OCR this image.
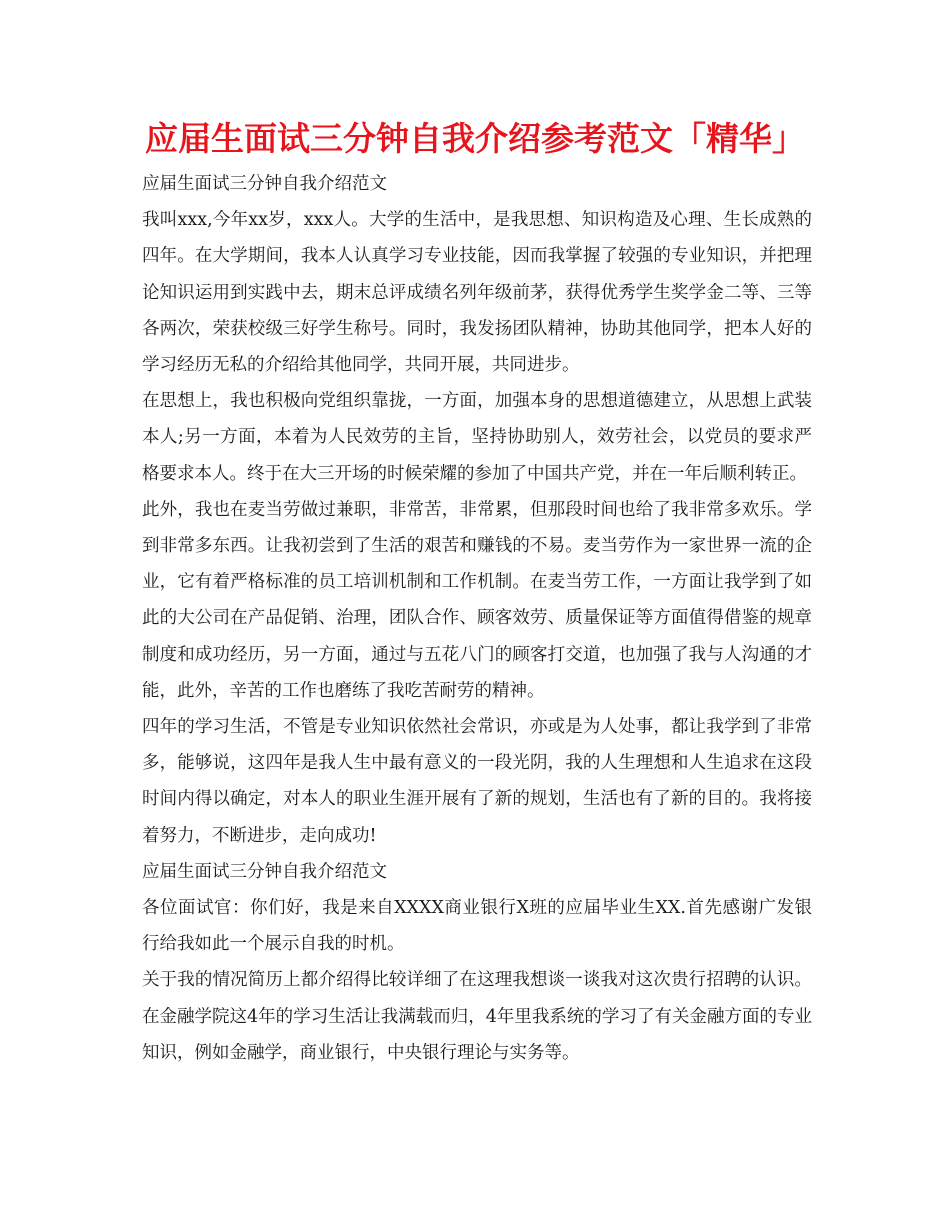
应届生面试三分钟自我介绍参考范文「精华」

应届生面试三分钟自我介绍范文

我叫xxx,今年xx岁，xxx人。大学的生活中，是我思想、知识构造及心理、生长成熟的四年。在大学期间，我本人认真学习专业技能，因而我掌握了较强的专业知识，并把理论知识运用到实践中去，期末总评成绩名列年级前茅，获得优秀学生奖学金二等、三等各两次，荣获校级三好学生称号。同时，我发扬团队精神，协助其他同学，把本人好的学习经历无私的介绍给其他同学，共同开展，共同进步。

在思想上，我也积极向党组织靠拢，一方面，加强本身的思想道德建立，从思想上武装本人;另一方面，本着为人民效劳的主旨，坚持协助别人，效劳社会，以党员的要求严格要求本人。终于在大三开场的时候荣耀的参加了中国共产党，并在一年后顺利转正。

此外，我也在麦当劳做过兼职，非常苦，非常累，但那段时间也给了我非常多欢乐。学到非常多东西。让我初尝到了生活的艰苦和赚钱的不易。麦当劳作为一家世界一流的企业，它有着严格标准的员工培训机制和工作机制。在麦当劳工作，一方面让我学到了如此的大公司在产品促销、治理，团队合作、顾客效劳、质量保证等方面值得借鉴的规章制度和成功经历，另一方面，通过与五花八门的顾客打交道，也加强了我与人沟通的才能，此外，辛苦的工作也磨练了我吃苦耐劳的精神。

四年的学习生活，不管是专业知识依然社会常识，亦或是为人处事，都让我学到了非常多，能够说，这四年是我人生中最有意义的一段光阴，我的人生理想和人生追求在这段时间内得以确定，对本人的职业生涯开展有了新的规划，生活也有了新的目的。我将接着努力，不断进步，走向成功!

应届生面试三分钟自我介绍范文

各位面试官：你们好，我是来自XXXX商业银行X班的应届毕业生XX.首先感谢广发银行给我如此一个展示自我的时机。

关于我的情况简历上都介绍得比较详细了在这理我想谈一谈我对这次贵行招聘的认识。在金融学院这4年的学习生活让我满载而归，4年里我系统的学习了有关金融方面的专业知识，例如金融学，商业银行，中央银行理论与实务等。
